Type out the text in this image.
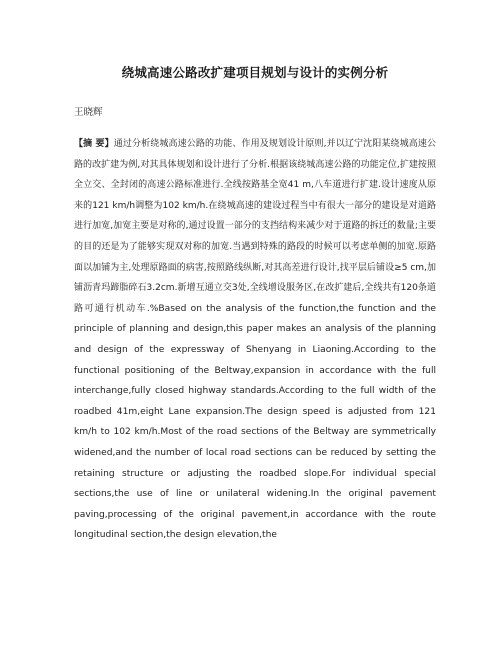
绕城高速公路改扩建项目规划与设计的实例分析
王晓辉

【摘 要】通过分析绕城高速公路的功能、作用及规划设计原则,并以辽宁沈阳某绕城高速公路的改扩建为例,对其具体规划和设计进行了分析.根据该绕城高速公路的功能定位,扩建按照全立交、全封闭的高速公路标准进行.全线按路基全宽41 m,八车道进行扩建.设计速度从原来的121 km/h调整为102 km/h.在绕城高速的建设过程当中有很大一部分的建设是对道路进行加宽,加宽主要是对称的,通过设置一部分的支挡结构来减少对于道路的拆迁的数量;主要的目的还是为了能够实现双对称的加宽.当遇到特殊的路段的时候可以考虑单侧的加宽.原路面以加铺为主,处理原路面的病害,按照路线纵断,对其高差进行设计,找平层后铺设≥5 cm,加铺沥青玛蹄脂碎石3.2cm.新增互通立交3处,全线增设服务区,在改扩建后,全线共有120条道路可通行机动车.%Based on the analysis of the function,the function and the principle of planning and design,this paper makes an analysis of the planning and design of the expressway of Shenyang in Liaoning.According to the functional positioning of the Beltway,expansion in accordance with the full interchange,fully closed highway standards.According to the full width of the roadbed 41m,eight Lane expansion.The design speed is adjusted from 121 km/h to 102 km/h.Most of the road sections of the Beltway are symmetrically widened,and the number of local road sections can be reduced by setting the retaining structure or adjusting the roadbed slope.For individual special sections,the use of line or unilateral widening.In the original pavement paving,processing of the original pavement,in accordance with the route longitudinal section,the design elevation,the
